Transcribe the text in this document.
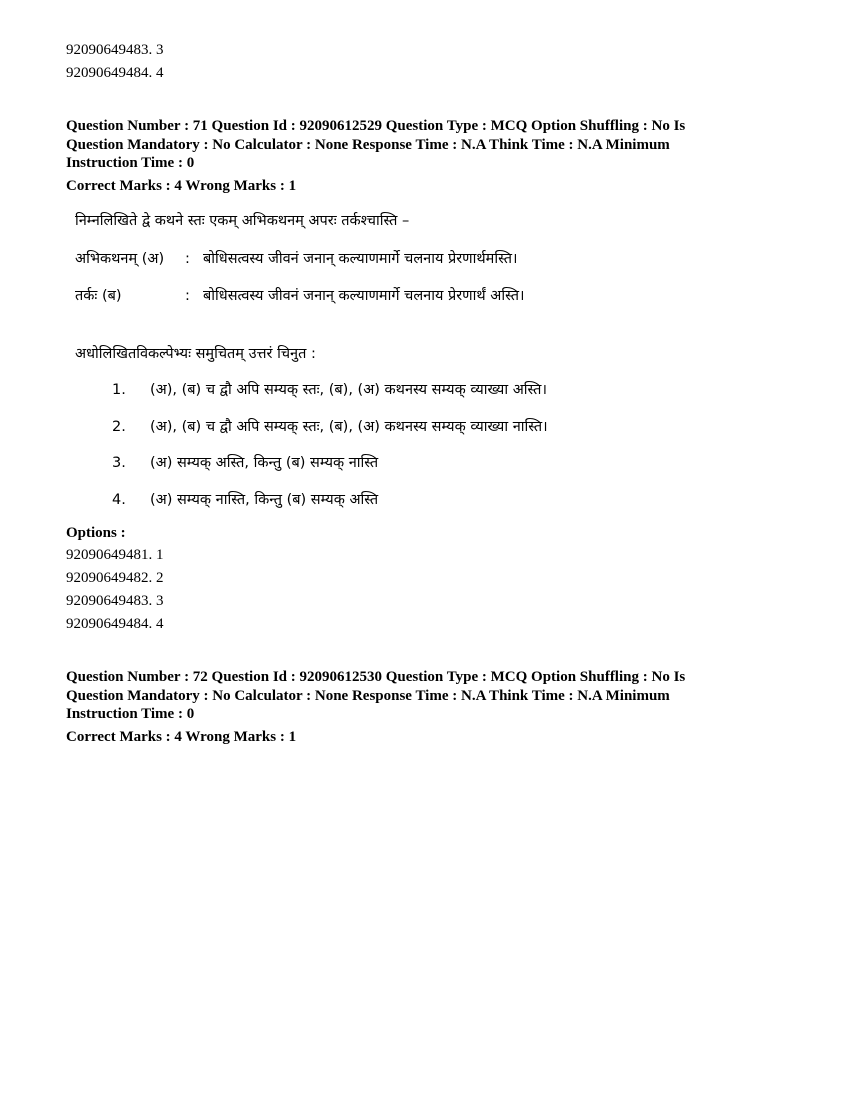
92090649483. 3
92090649484. 4
Question Number : 71 Question Id : 92090612529 Question Type : MCQ Option Shuffling : No Is
Question Mandatory : No Calculator : None Response Time : N.A Think Time : N.A Minimum
Instruction Time : 0
Correct Marks : 4 Wrong Marks : 1
निम्नलिखिते द्वे कथने स्तः एकम् अभिकथनम् अपरः तर्कश्चास्ति –
अभिकथनम् (अ) : बोधिसत्वस्य जीवनं जनान् कल्याणमार्गे चलनाय प्रेरणार्थमस्ति।
तर्कः (ब)	: बोधिसत्वस्य जीवनं जनान् कल्याणमार्गे चलनाय प्रेरणार्थं अस्ति।
अधोलिखितविकल्पेभ्यः समुचितम् उत्तरं चिनुत :
1. (अ), (ब) च द्वौ अपि सम्यक् स्तः, (ब), (अ) कथनस्य सम्यक् व्याख्या अस्ति।
2. (अ), (ब) च द्वौ अपि सम्यक् स्तः, (ब), (अ) कथनस्य सम्यक् व्याख्या नास्ति।
3. (अ) सम्यक् अस्ति, किन्तु (ब) सम्यक् नास्ति
4. (अ) सम्यक् नास्ति, किन्तु (ब) सम्यक् अस्ति
Options :
92090649481. 1
92090649482. 2
92090649483. 3
92090649484. 4
Question Number : 72 Question Id : 92090612530 Question Type : MCQ Option Shuffling : No Is
Question Mandatory : No Calculator : None Response Time : N.A Think Time : N.A Minimum
Instruction Time : 0
Correct Marks : 4 Wrong Marks : 1
